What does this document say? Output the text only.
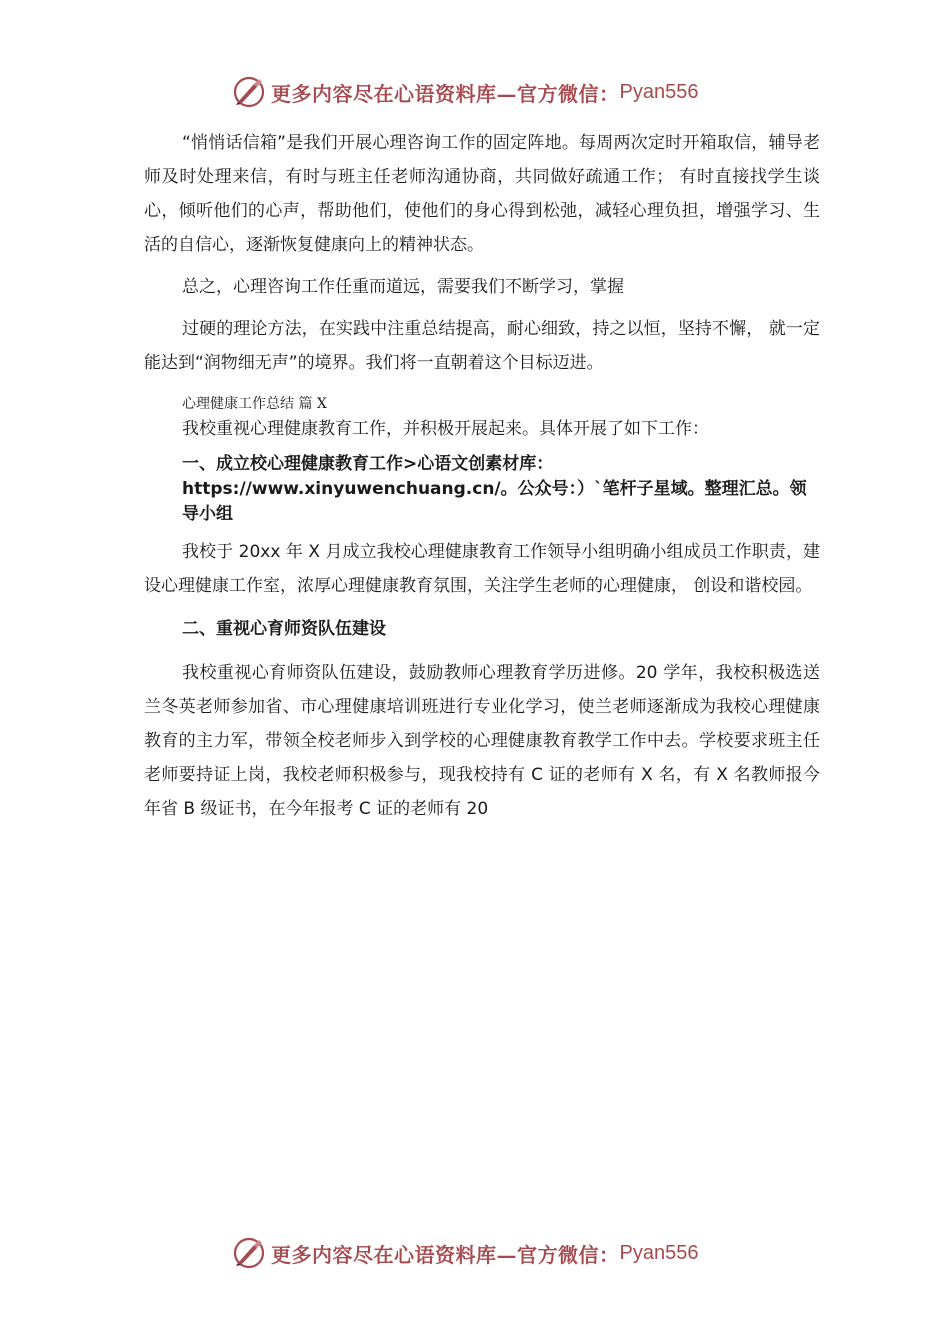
更多内容尽在心语资料库—官方微信： Pyan556

“悄悄话信箱”是我们开展心理咨询工作的固定阵地。每周两次定时开箱取信，辅导老师及时处理来信，有时与班主任老师沟通协商，共同做好疏通工作； 有时直接找学生谈心，倾听他们的心声，帮助他们，使他们的身心得到松弛，减轻心理负担，增强学习、生活的自信心，逐渐恢复健康向上的精神状态。

总之，心理咨询工作任重而道远，需要我们不断学习，掌握

过硬的理论方法，在实践中注重总结提高，耐心细致，持之以恒，坚持不懈， 就一定能达到“润物细无声”的境界。我们将一直朝着这个目标迈进。

心理健康工作总结 篇 X

我校重视心理健康教育工作，并积极开展起来。具体开展了如下工作：

一、成立校心理健康教育工作>心语文创素材库：https://www.xinyuwenchuang.cn/。公众号：）`笔杆子星域。整理汇总。领导小组

我校于 20xx 年 X 月成立我校心理健康教育工作领导小组明确小组成员工作职责，建设心理健康工作室，浓厚心理健康教育氛围，关注学生老师的心理健康， 创设和谐校园。

二、重视心育师资队伍建设

我校重视心育师资队伍建设，鼓励教师心理教育学历进修。20 学年，我校积极选送兰冬英老师参加省、市心理健康培训班进行专业化学习，使兰老师逐渐成为我校心理健康教育的主力军，带领全校老师步入到学校的心理健康教育教学工作中去。学校要求班主任老师要持证上岗，我校老师积极参与，现我校持有 C 证的老师有 X 名，有 X 名教师报今年省 B 级证书，在今年报考 C 证的老师有 20

更多内容尽在心语资料库—官方微信： Pyan556
